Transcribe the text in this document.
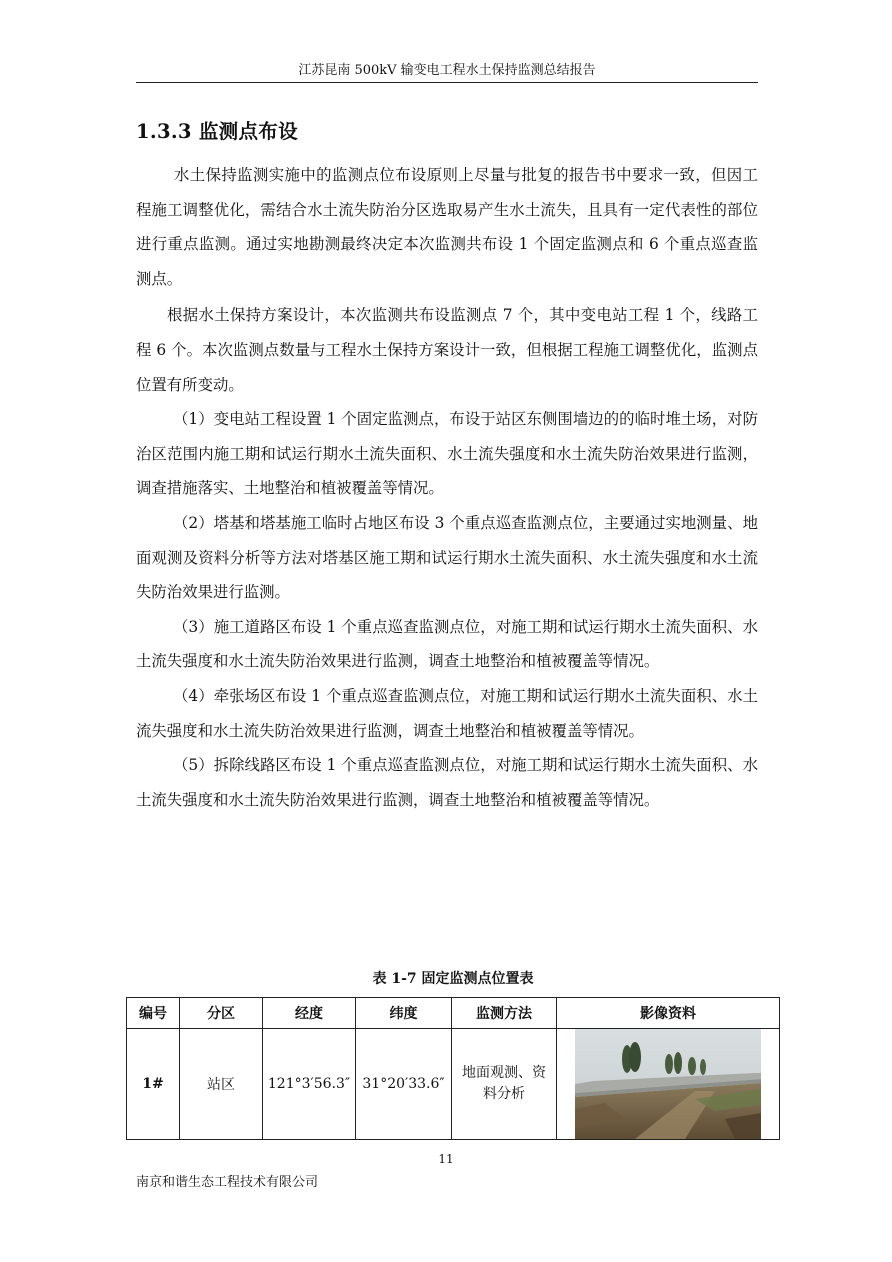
江苏昆南 500kV 输变电工程水土保持监测总结报告
1.3.3 监测点布设

水土保持监测实施中的监测点位布设原则上尽量与批复的报告书中要求一致，但因工程施工调整优化，需结合水土流失防治分区选取易产生水土流失，且具有一定代表性的部位进行重点监测。通过实地勘测最终决定本次监测共布设 1 个固定监测点和 6 个重点巡查监测点。

根据水土保持方案设计，本次监测共布设监测点 7 个，其中变电站工程 1 个，线路工程 6 个。本次监测点数量与工程水土保持方案设计一致，但根据工程施工调整优化，监测点位置有所变动。

（1）变电站工程设置 1 个固定监测点，布设于站区东侧围墙边的的临时堆土场，对防治区范围内施工期和试运行期水土流失面积、水土流失强度和水土流失防治效果进行监测，调查措施落实、土地整治和植被覆盖等情况。

（2）塔基和塔基施工临时占地区布设 3 个重点巡查监测点位，主要通过实地测量、地面观测及资料分析等方法对塔基区施工期和试运行期水土流失面积、水土流失强度和水土流失防治效果进行监测。

（3）施工道路区布设 1 个重点巡查监测点位，对施工期和试运行期水土流失面积、水土流失强度和水土流失防治效果进行监测，调查土地整治和植被覆盖等情况。

（4）牵张场区布设 1 个重点巡查监测点位，对施工期和试运行期水土流失面积、水土流失强度和水土流失防治效果进行监测，调查土地整治和植被覆盖等情况。

（5）拆除线路区布设 1 个重点巡查监测点位，对施工期和试运行期水土流失面积、水土流失强度和水土流失防治效果进行监测，调查土地整治和植被覆盖等情况。

表 1-7 固定监测点位置表
编号	分区	经度	纬度	监测方法	影像资料
1#	站区	121°3′56.3″	31°20′33.6″	地面观测、资料分析	
11
南京和谐生态工程技术有限公司
